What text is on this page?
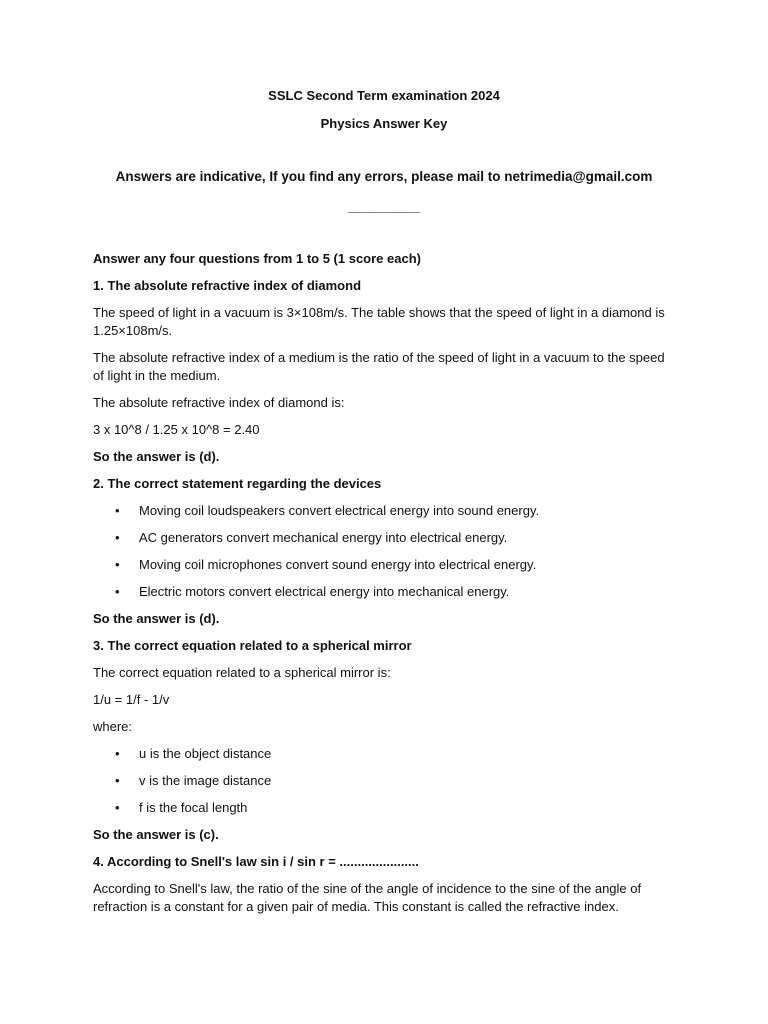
SSLC Second Term examination 2024
Physics Answer Key
Answers are indicative, If you find any errors, please mail to netrimedia@gmail.com
__________

Answer any four questions from 1 to 5 (1 score each)

1. The absolute refractive index of diamond

The speed of light in a vacuum is 3×108m/s. The table shows that the speed of light in a diamond is 1.25×108m/s.

The absolute refractive index of a medium is the ratio of the speed of light in a vacuum to the speed of light in the medium.

The absolute refractive index of diamond is:

3 x 10^8 / 1.25 x 10^8 = 2.40

So the answer is (d).

2. The correct statement regarding the devices

• Moving coil loudspeakers convert electrical energy into sound energy.
• AC generators convert mechanical energy into electrical energy.
• Moving coil microphones convert sound energy into electrical energy.
• Electric motors convert electrical energy into mechanical energy.

So the answer is (d).

3. The correct equation related to a spherical mirror

The correct equation related to a spherical mirror is:

1/u = 1/f - 1/v

where:

• u is the object distance
• v is the image distance
• f is the focal length

So the answer is (c).

4. According to Snell's law sin i / sin r = ......................

According to Snell's law, the ratio of the sine of the angle of incidence to the sine of the angle of refraction is a constant for a given pair of media. This constant is called the refractive index.
